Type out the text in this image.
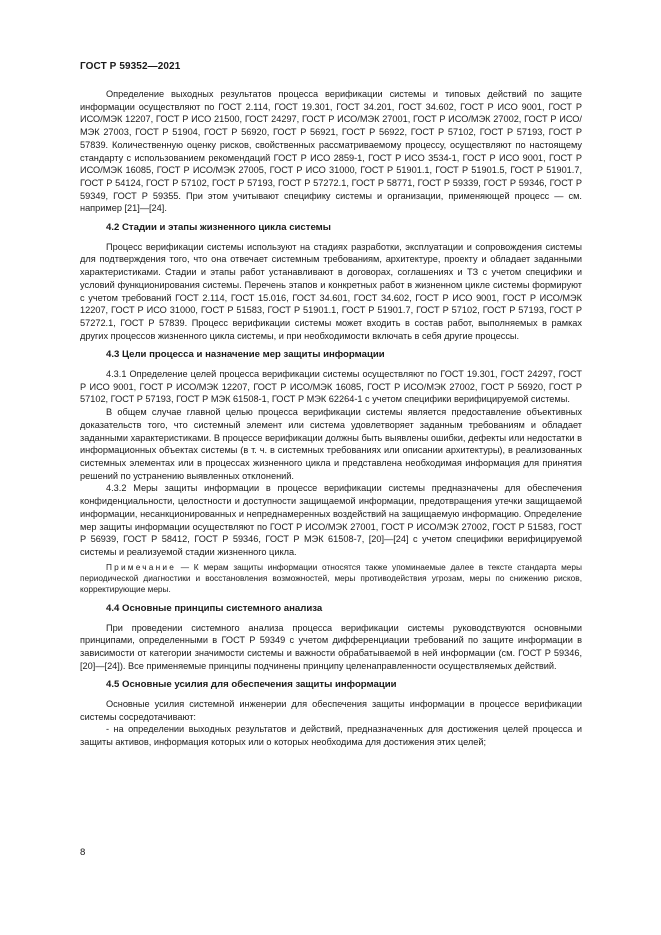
ГОСТ Р 59352—2021
Определение выходных результатов процесса верификации системы и типовых действий по защите информации осуществляют по ГОСТ 2.114, ГОСТ 19.301, ГОСТ 34.201, ГОСТ 34.602, ГОСТ Р ИСО 9001, ГОСТ Р ИСО/МЭК 12207, ГОСТ Р ИСО 21500, ГОСТ 24297, ГОСТ Р ИСО/МЭК 27001, ГОСТ Р ИСО/МЭК 27002, ГОСТ Р ИСО/МЭК 27003, ГОСТ Р 51904, ГОСТ Р 56920, ГОСТ Р 56921, ГОСТ Р 56922, ГОСТ Р 57102, ГОСТ Р 57193, ГОСТ Р 57839. Количественную оценку рисков, свойственных рассматриваемому процессу, осуществляют по настоящему стандарту с использованием рекомендаций ГОСТ Р ИСО 2859-1, ГОСТ Р ИСО 3534-1, ГОСТ Р ИСО 9001, ГОСТ Р ИСО/МЭК 16085, ГОСТ Р ИСО/МЭК 27005, ГОСТ Р ИСО 31000, ГОСТ Р 51901.1, ГОСТ Р 51901.5, ГОСТ Р 51901.7, ГОСТ Р 54124, ГОСТ Р 57102, ГОСТ Р 57193, ГОСТ Р 57272.1, ГОСТ Р 58771, ГОСТ Р 59339, ГОСТ Р 59346, ГОСТ Р 59349, ГОСТ Р 59355. При этом учитывают специфику системы и организации, применяющей процесс — см. например [21]—[24].
4.2 Стадии и этапы жизненного цикла системы
Процесс верификации системы используют на стадиях разработки, эксплуатации и сопровождения системы для подтверждения того, что она отвечает системным требованиям, архитектуре, проекту и обладает заданными характеристиками. Стадии и этапы работ устанавливают в договорах, соглашениях и ТЗ с учетом специфики и условий функционирования системы. Перечень этапов и конкретных работ в жизненном цикле системы формируют с учетом требований ГОСТ 2.114, ГОСТ 15.016, ГОСТ 34.601, ГОСТ 34.602, ГОСТ Р ИСО 9001, ГОСТ Р ИСО/МЭК 12207, ГОСТ Р ИСО 31000, ГОСТ Р 51583, ГОСТ Р 51901.1, ГОСТ Р 51901.7, ГОСТ Р 57102, ГОСТ Р 57193, ГОСТ Р 57272.1, ГОСТ Р 57839. Процесс верификации системы может входить в состав работ, выполняемых в рамках других процессов жизненного цикла системы, и при необходимости включать в себя другие процессы.
4.3 Цели процесса и назначение мер защиты информации
4.3.1 Определение целей процесса верификации системы осуществляют по ГОСТ 19.301, ГОСТ 24297, ГОСТ Р ИСО 9001, ГОСТ Р ИСО/МЭК 12207, ГОСТ Р ИСО/МЭК 16085, ГОСТ Р ИСО/МЭК 27002, ГОСТ Р 56920, ГОСТ Р 57102, ГОСТ Р 57193, ГОСТ Р МЭК 61508-1, ГОСТ Р МЭК 62264-1 с учетом специфики верифицируемой системы.
В общем случае главной целью процесса верификации системы является предоставление объективных доказательств того, что системный элемент или система удовлетворяет заданным требованиям и обладает заданными характеристиками. В процессе верификации должны быть выявлены ошибки, дефекты или недостатки в информационных объектах системы (в т. ч. в системных требованиях или описании архитектуры), в реализованных системных элементах или в процессах жизненного цикла и представлена необходимая информация для принятия решений по устранению выявленных отклонений.
4.3.2 Меры защиты информации в процессе верификации системы предназначены для обеспечения конфиденциальности, целостности и доступности защищаемой информации, предотвращения утечки защищаемой информации, несанкционированных и непреднамеренных воздействий на защищаемую информацию. Определение мер защиты информации осуществляют по ГОСТ Р ИСО/МЭК 27001, ГОСТ Р ИСО/МЭК 27002, ГОСТ Р 51583, ГОСТ Р 56939, ГОСТ Р 58412, ГОСТ Р 59346, ГОСТ Р МЭК 61508-7, [20]—[24] с учетом специфики верифицируемой системы и реализуемой стадии жизненного цикла.
Примечание — К мерам защиты информации относятся также упоминаемые далее в тексте стандарта меры периодической диагностики и восстановления возможностей, меры противодействия угрозам, меры по снижению рисков, корректирующие меры.
4.4 Основные принципы системного анализа
При проведении системного анализа процесса верификации системы руководствуются основными принципами, определенными в ГОСТ Р 59349 с учетом дифференциации требований по защите информации в зависимости от категории значимости системы и важности обрабатываемой в ней информации (см. ГОСТ Р 59346, [20]—[24]). Все применяемые принципы подчинены принципу целенаправленности осуществляемых действий.
4.5 Основные усилия для обеспечения защиты информации
Основные усилия системной инженерии для обеспечения защиты информации в процессе верификации системы сосредотачивают:
- на определении выходных результатов и действий, предназначенных для достижения целей процесса и защиты активов, информация которых или о которых необходима для достижения этих целей;
8
